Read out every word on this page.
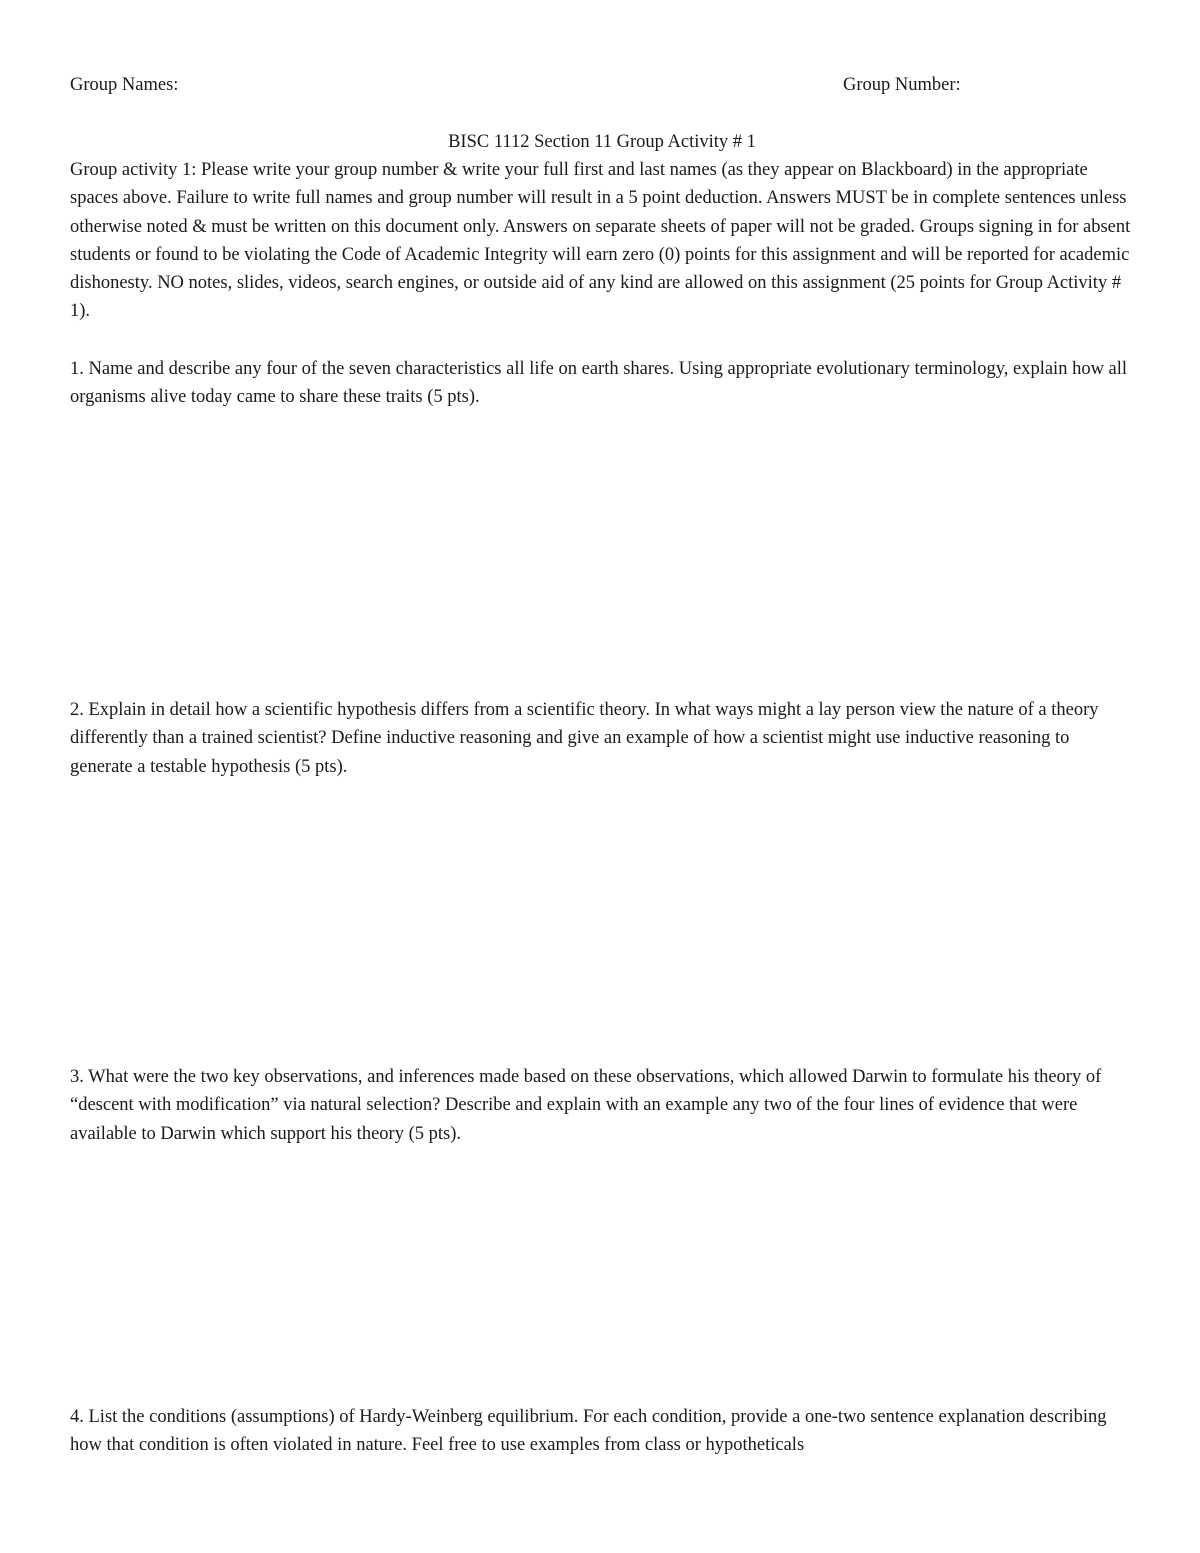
Group Names:	Group Number:
BISC 1112 Section 11 Group Activity # 1

Group activity 1: Please write your group number & write your full first and last names (as they appear on Blackboard) in the appropriate spaces above. Failure to write full names and group number will result in a 5 point deduction. Answers MUST be in complete sentences unless otherwise noted & must be written on this document only. Answers on separate sheets of paper will not be graded. Groups signing in for absent students or found to be violating the Code of Academic Integrity will earn zero (0) points for this assignment and will be reported for academic dishonesty. NO notes, slides, videos, search engines, or outside aid of any kind are allowed on this assignment (25 points for Group Activity # 1).

1. Name and describe any four of the seven characteristics all life on earth shares. Using appropriate evolutionary terminology, explain how all organisms alive today came to share these traits (5 pts).

2. Explain in detail how a scientific hypothesis differs from a scientific theory. In what ways might a lay person view the nature of a theory differently than a trained scientist? Define inductive reasoning and give an example of how a scientist might use inductive reasoning to generate a testable hypothesis (5 pts).

3. What were the two key observations, and inferences made based on these observations, which allowed Darwin to formulate his theory of “descent with modification” via natural selection? Describe and explain with an example any two of the four lines of evidence that were available to Darwin which support his theory (5 pts).

4. List the conditions (assumptions) of Hardy-Weinberg equilibrium. For each condition, provide a one-two sentence explanation describing how that condition is often violated in nature. Feel free to use examples from class or hypotheticals
